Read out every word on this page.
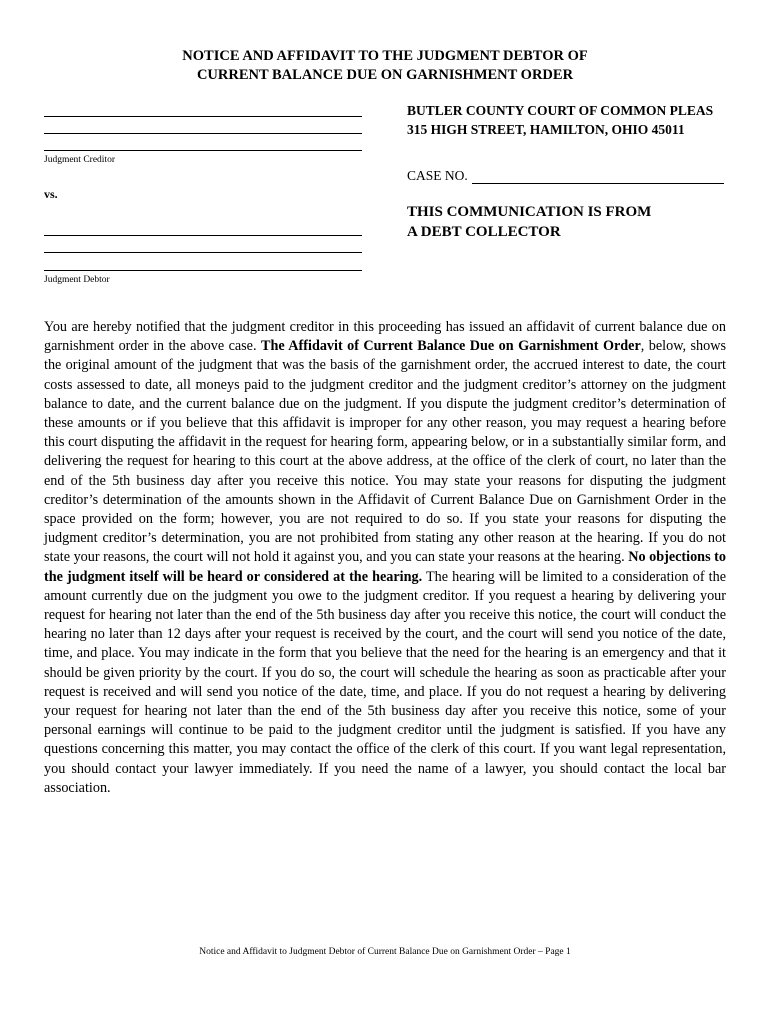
NOTICE AND AFFIDAVIT TO THE JUDGMENT DEBTOR OF
CURRENT BALANCE DUE ON GARNISHMENT ORDER
Judgment Creditor
vs.
Judgment Debtor
BUTLER COUNTY COURT OF COMMON PLEAS
315 HIGH STREET, HAMILTON, OHIO 45011
CASE NO.
THIS COMMUNICATION IS FROM
A DEBT COLLECTOR
You are hereby notified that the judgment creditor in this proceeding has issued an affidavit of current balance due on garnishment order in the above case. The Affidavit of Current Balance Due on Garnishment Order, below, shows the original amount of the judgment that was the basis of the garnishment order, the accrued interest to date, the court costs assessed to date, all moneys paid to the judgment creditor and the judgment creditor’s attorney on the judgment balance to date, and the current balance due on the judgment. If you dispute the judgment creditor’s determination of these amounts or if you believe that this affidavit is improper for any other reason, you may request a hearing before this court disputing the affidavit in the request for hearing form, appearing below, or in a substantially similar form, and delivering the request for hearing to this court at the above address, at the office of the clerk of court, no later than the end of the 5th business day after you receive this notice. You may state your reasons for disputing the judgment creditor’s determination of the amounts shown in the Affidavit of Current Balance Due on Garnishment Order in the space provided on the form; however, you are not required to do so. If you state your reasons for disputing the judgment creditor’s determination, you are not prohibited from stating any other reason at the hearing. If you do not state your reasons, the court will not hold it against you, and you can state your reasons at the hearing. No objections to the judgment itself will be heard or considered at the hearing. The hearing will be limited to a consideration of the amount currently due on the judgment you owe to the judgment creditor. If you request a hearing by delivering your request for hearing not later than the end of the 5th business day after you receive this notice, the court will conduct the hearing no later than 12 days after your request is received by the court, and the court will send you notice of the date, time, and place. You may indicate in the form that you believe that the need for the hearing is an emergency and that it should be given priority by the court. If you do so, the court will schedule the hearing as soon as practicable after your request is received and will send you notice of the date, time, and place. If you do not request a hearing by delivering your request for hearing not later than the end of the 5th business day after you receive this notice, some of your personal earnings will continue to be paid to the judgment creditor until the judgment is satisfied. If you have any questions concerning this matter, you may contact the office of the clerk of this court. If you want legal representation, you should contact your lawyer immediately. If you need the name of a lawyer, you should contact the local bar association.
Notice and Affidavit to Judgment Debtor of Current Balance Due on Garnishment Order – Page 1
